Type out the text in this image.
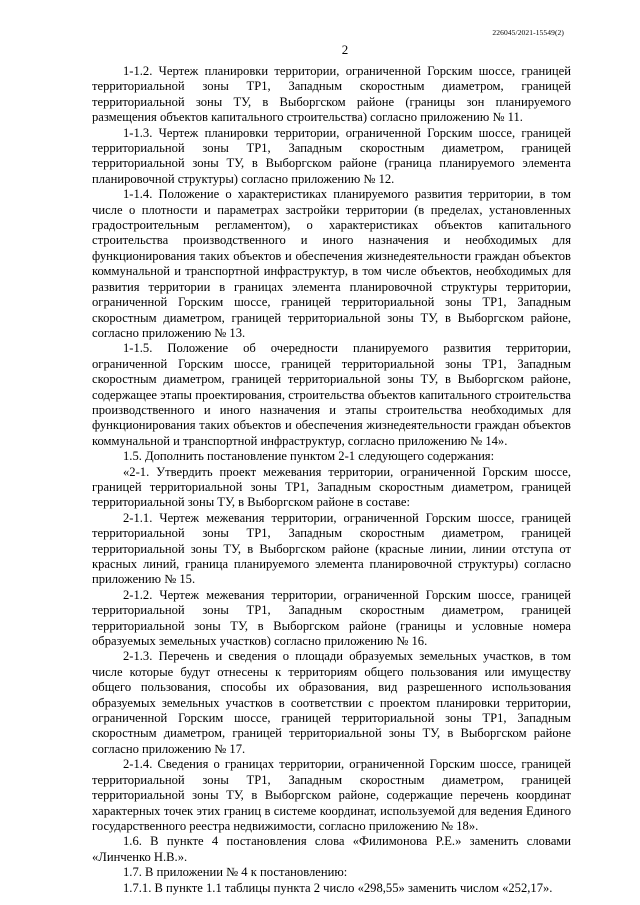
226045/2021-15549(2)
2

1-1.2. Чертеж планировки территории, ограниченной Горским шоссе, границей территориальной зоны ТР1, Западным скоростным диаметром, границей территориальной зоны ТУ, в Выборгском районе (границы зон планируемого размещения объектов капитального строительства) согласно приложению № 11.

1-1.3. Чертеж планировки территории, ограниченной Горским шоссе, границей территориальной зоны ТР1, Западным скоростным диаметром, границей территориальной зоны ТУ, в Выборгском районе (граница планируемого элемента планировочной структуры) согласно приложению № 12.

1-1.4. Положение о характеристиках планируемого развития территории, в том числе о плотности и параметрах застройки территории (в пределах, установленных градостроительным регламентом), о характеристиках объектов капитального строительства производственного и иного назначения и необходимых для функционирования таких объектов и обеспечения жизнедеятельности граждан объектов коммунальной и транспортной инфраструктур, в том числе объектов, необходимых для развития территории в границах элемента планировочной структуры территории, ограниченной Горским шоссе, границей территориальной зоны ТР1, Западным скоростным диаметром, границей территориальной зоны ТУ, в Выборгском районе, согласно приложению № 13.

1-1.5. Положение об очередности планируемого развития территории, ограниченной Горским шоссе, границей территориальной зоны ТР1, Западным скоростным диаметром, границей территориальной зоны ТУ, в Выборгском районе, содержащее этапы проектирования, строительства объектов капитального строительства производственного и иного назначения и этапы строительства необходимых для функционирования таких объектов и обеспечения жизнедеятельности граждан объектов коммунальной и транспортной инфраструктур, согласно приложению № 14».

1.5. Дополнить постановление пунктом 2-1 следующего содержания:

«2-1. Утвердить проект межевания территории, ограниченной Горским шоссе, границей территориальной зоны ТР1, Западным скоростным диаметром, границей территориальной зоны ТУ, в Выборгском районе в составе:

2-1.1. Чертеж межевания территории, ограниченной Горским шоссе, границей территориальной зоны ТР1, Западным скоростным диаметром, границей территориальной зоны ТУ, в Выборгском районе (красные линии, линии отступа от красных линий, граница планируемого элемента планировочной структуры) согласно приложению № 15.

2-1.2. Чертеж межевания территории, ограниченной Горским шоссе, границей территориальной зоны ТР1, Западным скоростным диаметром, границей территориальной зоны ТУ, в Выборгском районе (границы и условные номера образуемых земельных участков) согласно приложению № 16.

2-1.3. Перечень и сведения о площади образуемых земельных участков, в том числе которые будут отнесены к территориям общего пользования или имуществу общего пользования, способы их образования, вид разрешенного использования образуемых земельных участков в соответствии с проектом планировки территории, ограниченной Горским шоссе, границей территориальной зоны ТР1, Западным скоростным диаметром, границей территориальной зоны ТУ, в Выборгском районе согласно приложению № 17.

2-1.4. Сведения о границах территории, ограниченной Горским шоссе, границей территориальной зоны ТР1, Западным скоростным диаметром, границей территориальной зоны ТУ, в Выборгском районе, содержащие перечень координат характерных точек этих границ в системе координат, используемой для ведения Единого государственного реестра недвижимости, согласно приложению № 18».

1.6. В пункте 4 постановления слова «Филимонова Р.Е.» заменить словами «Линченко Н.В.».

1.7. В приложении № 4 к постановлению:

1.7.1. В пункте 1.1 таблицы пункта 2 число «298,55» заменить числом «252,17».
